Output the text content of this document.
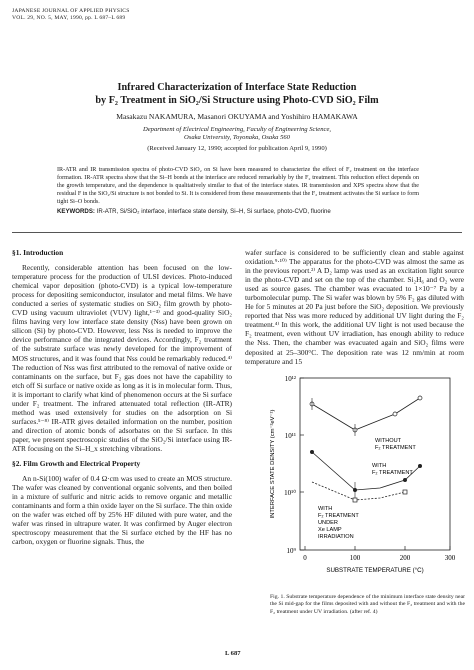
JAPANESE JOURNAL OF APPLIED PHYSICS
VOL. 29, NO. 5, MAY, 1990, pp. L 687–L 689
Infrared Characterization of Interface State Reduction
by F₂ Treatment in SiO₂/Si Structure using Photo-CVD SiO₂ Film
Masakazu NAKAMURA, Masanori OKUYAMA and Yoshihiro HAMAKAWA
Department of Electrical Engineering, Faculty of Engineering Science,
Osaka University, Toyonaka, Osaka 560
(Received January 12, 1990; accepted for publication April 9, 1990)
IR-ATR and IR transmission spectra of photo-CVD SiO₂ on Si have been measured to characterize the effect of F₂ treatment on the interface formation. IR-ATR spectra show that the Si–H bonds at the interface are reduced remarkably by the F₂ treatment. This reduction effect depends on the growth temperature, and the dependence is qualitatively similar to that of the interface states. IR transmission and XPS spectra show that the residual F in the SiO₂/Si structure is not bonded to Si. It is considered from these measurements that the F₂ treatment activates the Si surface to form tight Si–O bonds.
KEYWORDS: IR-ATR, Si/SiO₂ interface, interface state density, Si–H, Si surface, photo-CVD, fluorine

§1. Introduction

Recently, considerable attention has been focused on the low-temperature process for the production of ULSI devices. Photo-induced chemical vapor deposition (photo-CVD) is a typical low-temperature process for depositing semiconductor, insulator and metal films. We have conducted a series of systematic studies on SiO₂ film growth by photo-CVD using vacuum ultraviolet (VUV) light,¹⁻³⁾ and good-quality SiO₂ films having very low interface state density (Nss) have been grown on silicon (Si) by photo-CVD. However, less Nss is needed to improve the device performance of the integrated devices. Accordingly, F₂ treatment of the substrate surface was newly developed for the improvement of MOS structures, and it was found that Nss could be remarkably reduced.⁴⁾ The reduction of Nss was first attributed to the removal of native oxide or contaminants on the surface, but F₂ gas does not have the capability to etch off Si surface or native oxide as long as it is in molecular form. Thus, it is important to clarify what kind of phenomenon occurs at the Si surface under F₂ treatment. The infrared attenuated total reflection (IR-ATR) method was used extensively for studies on the adsorption on Si surfaces.⁵⁻⁸⁾ IR-ATR gives detailed information on the number, position and direction of atomic bonds of adsorbates on the Si surface. In this paper, we present spectroscopic studies of the SiO₂/Si interface using IR-ATR focusing on the Si–H_x stretching vibrations.

§2. Film Growth and Electrical Property

An n-Si(100) wafer of 0.4 Ω·cm was used to create an MOS structure. The wafer was cleaned by conventional organic solvents, and then boiled in a mixture of sulfuric and nitric acids to remove organic and metallic contaminants and form a thin oxide layer on the Si surface. The thin oxide on the wafer was etched off by 25% HF diluted with pure water, and the wafer was rinsed in ultrapure water. It was confirmed by Auger electron spectroscopy measurement that the Si surface etched by the HF has no carbon, oxygen or fluorine signals. Thus, the

wafer surface is considered to be sufficiently clean and stable against oxidation.⁹·¹⁰⁾ The apparatus for the photo-CVD was almost the same as in the previous report.²⁾ A D₂ lamp was used as an excitation light source in the photo-CVD and set on the top of the chamber. Si₂H₆ and O₂ were used as source gases. The chamber was evacuated to 1×10⁻⁷ Pa by a turbomolecular pump. The Si wafer was blown by 5% F₂ gas diluted with He for 5 minutes at 20 Pa just before the SiO₂ deposition. We previously reported that Nss was more reduced by additional UV light during the F₂ treatment.⁴⁾ In this work, the additional UV light is not used because the F₂ treatment, even without UV irradiation, has enough ability to reduce the Nss. Then, the chamber was evacuated again and SiO₂ films were deposited at 25–300°C. The deposition rate was 12 nm/min at room temperature and 15

10¹²
10¹¹
10¹⁰
10⁹
0	100	200	300
SUBSTRATE TEMPERATURE (°C)
INTERFACE STATE DENSITY (cm⁻²eV⁻¹)	WITHOUT
F₂ TREATMENT
WITH
F₂ TREATMENT
WITH
F₂ TREATMENT
UNDER
Xe LAMP
IRRADIATION
Fig. 1. Substrate temperature dependence of the minimum interface state density near the Si mid-gap for the films deposited with and without the F₂ treatment and with the F₂ treatment under UV irradiation. (after ref. 4)
L 687
